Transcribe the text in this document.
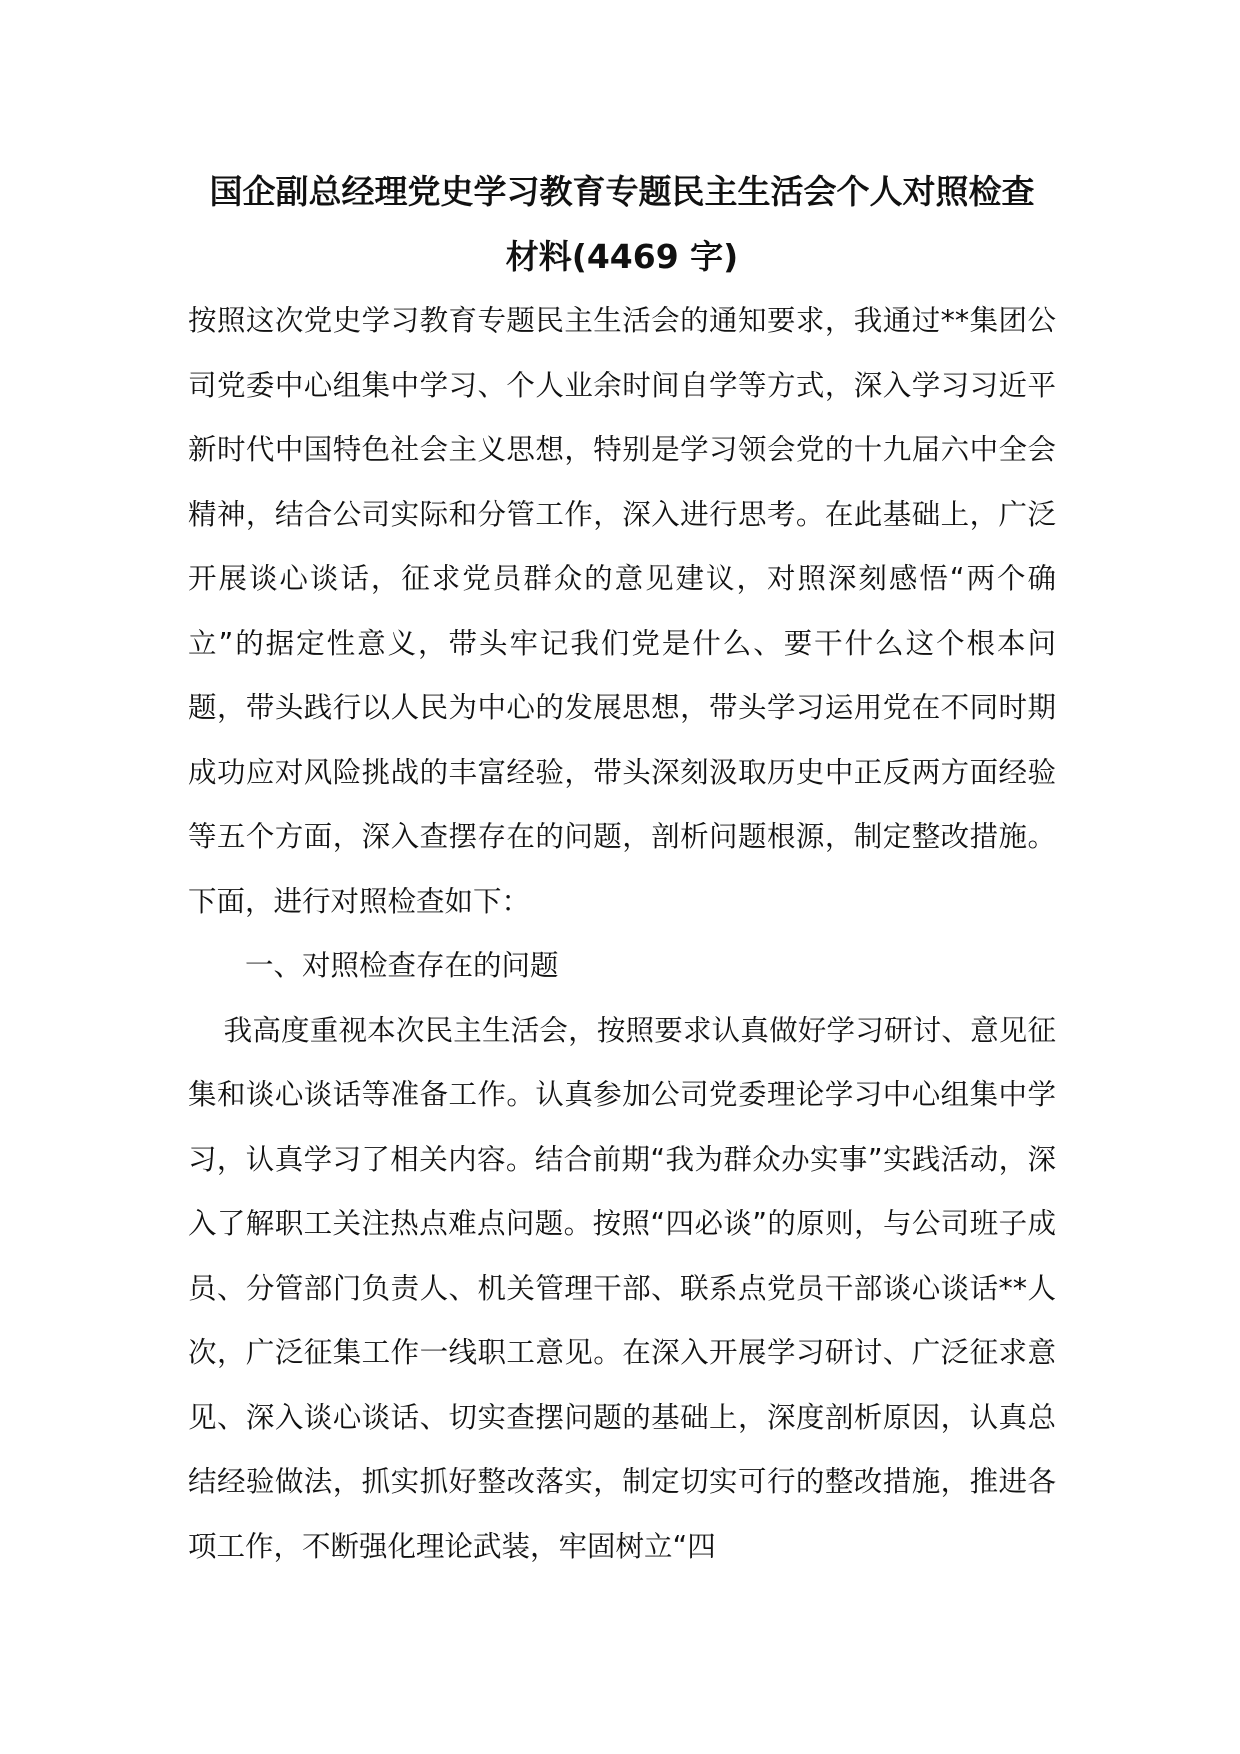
国企副总经理党史学习教育专题民主生活会个人对照检查
材料(4469 字)

按照这次党史学习教育专题民主生活会的通知要求，我通过**集团公司党委中心组集中学习、个人业余时间自学等方式，深入学习习近平新时代中国特色社会主义思想，特别是学习领会党的十九届六中全会精神，结合公司实际和分管工作，深入进行思考。在此基础上，广泛开展谈心谈话，征求党员群众的意见建议，对照深刻感悟“两个确立”的据定性意义，带头牢记我们党是什么、要干什么这个根本问题，带头践行以人民为中心的发展思想，带头学习运用党在不同时期成功应对风险挑战的丰富经验，带头深刻汲取历史中正反两方面经验等五个方面，深入查摆存在的问题，剖析问题根源，制定整改措施。下面，进行对照检查如下：

一、对照检查存在的问题

我高度重视本次民主生活会，按照要求认真做好学习研讨、意见征集和谈心谈话等准备工作。认真参加公司党委理论学习中心组集中学习，认真学习了相关内容。结合前期“我为群众办实事”实践活动，深入了解职工关注热点难点问题。按照“四必谈”的原则，与公司班子成员、分管部门负责人、机关管理干部、联系点党员干部谈心谈话**人次，广泛征集工作一线职工意见。在深入开展学习研讨、广泛征求意见、深入谈心谈话、切实查摆问题的基础上，深度剖析原因，认真总结经验做法，抓实抓好整改落实，制定切实可行的整改措施，推进各项工作，不断强化理论武装，牢固树立“四
